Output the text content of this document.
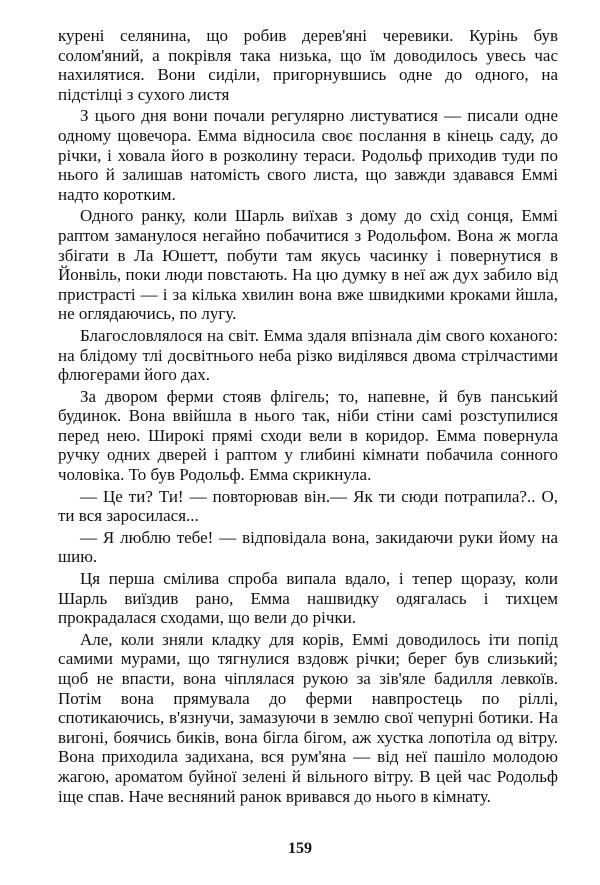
курені селянина, що робив дерев'яні черевики. Курінь був солом'яний, а покрівля така низька, що їм доводилось увесь час нахилятися. Вони сиділи, пригорнувшись одне до одного, на підстілці з сухого листя

З цього дня вони почали регулярно листуватися — писали одне одному щовечора. Емма відносила своє послання в кінець саду, до річки, і ховала його в розколину тераси. Родольф приходив туди по нього й залишав натомість свого листа, що завжди здавався Еммі надто коротким.

Одного ранку, коли Шарль виїхав з дому до схід сонця, Еммі раптом заманулося негайно побачитися з Родольфом. Вона ж могла збігати в Ла Юшетт, побути там якусь часинку і повернутися в Йонвіль, поки люди повстають. На цю думку в неї аж дух забило від пристрасті — і за кілька хвилин вона вже швидкими кроками йшла, не оглядаючись, по лугу.

Благословлялося на світ. Емма здаля впізнала дім свого коханого: на блідому тлі досвітнього неба різко виділявся двома стрілчастими флюгерами його дах.

За двором ферми стояв флігель; то, напевне, й був панський будинок. Вона ввійшла в нього так, ніби стіни самі розступилися перед нею. Широкі прямі сходи вели в коридор. Емма повернула ручку одних дверей і раптом у глибині кімнати побачила сонного чоловіка. То був Родольф. Емма скрикнула.

— Це ти? Ти! — повторював він.— Як ти сюди потрапила?.. О, ти вся заросилася...

— Я люблю тебе! — відповідала вона, закидаючи руки йому на шию.

Ця перша смілива спроба випала вдало, і тепер щоразу, коли Шарль виїздив рано, Емма нашвидку одягалась і тихцем прокрадалася сходами, що вели до річки.

Але, коли зняли кладку для корів, Еммі доводилось іти попід самими мурами, що тягнулися вздовж річки; берег був слизький; щоб не впасти, вона чіплялася рукою за зів'яле бадилля левкоїв. Потім вона прямувала до ферми навпростець по ріллі, спотикаючись, в'язнучи, замазуючи в землю свої чепурні ботики. На вигоні, боячись биків, вона бігла бігом, аж хустка лопотіла од вітру. Вона приходила задихана, вся рум'яна — від неї пашіло молодою жагою, ароматом буйної зелені й вільного вітру. В цей час Родольф іще спав. Наче весняний ранок вривався до нього в кімнату.

159
